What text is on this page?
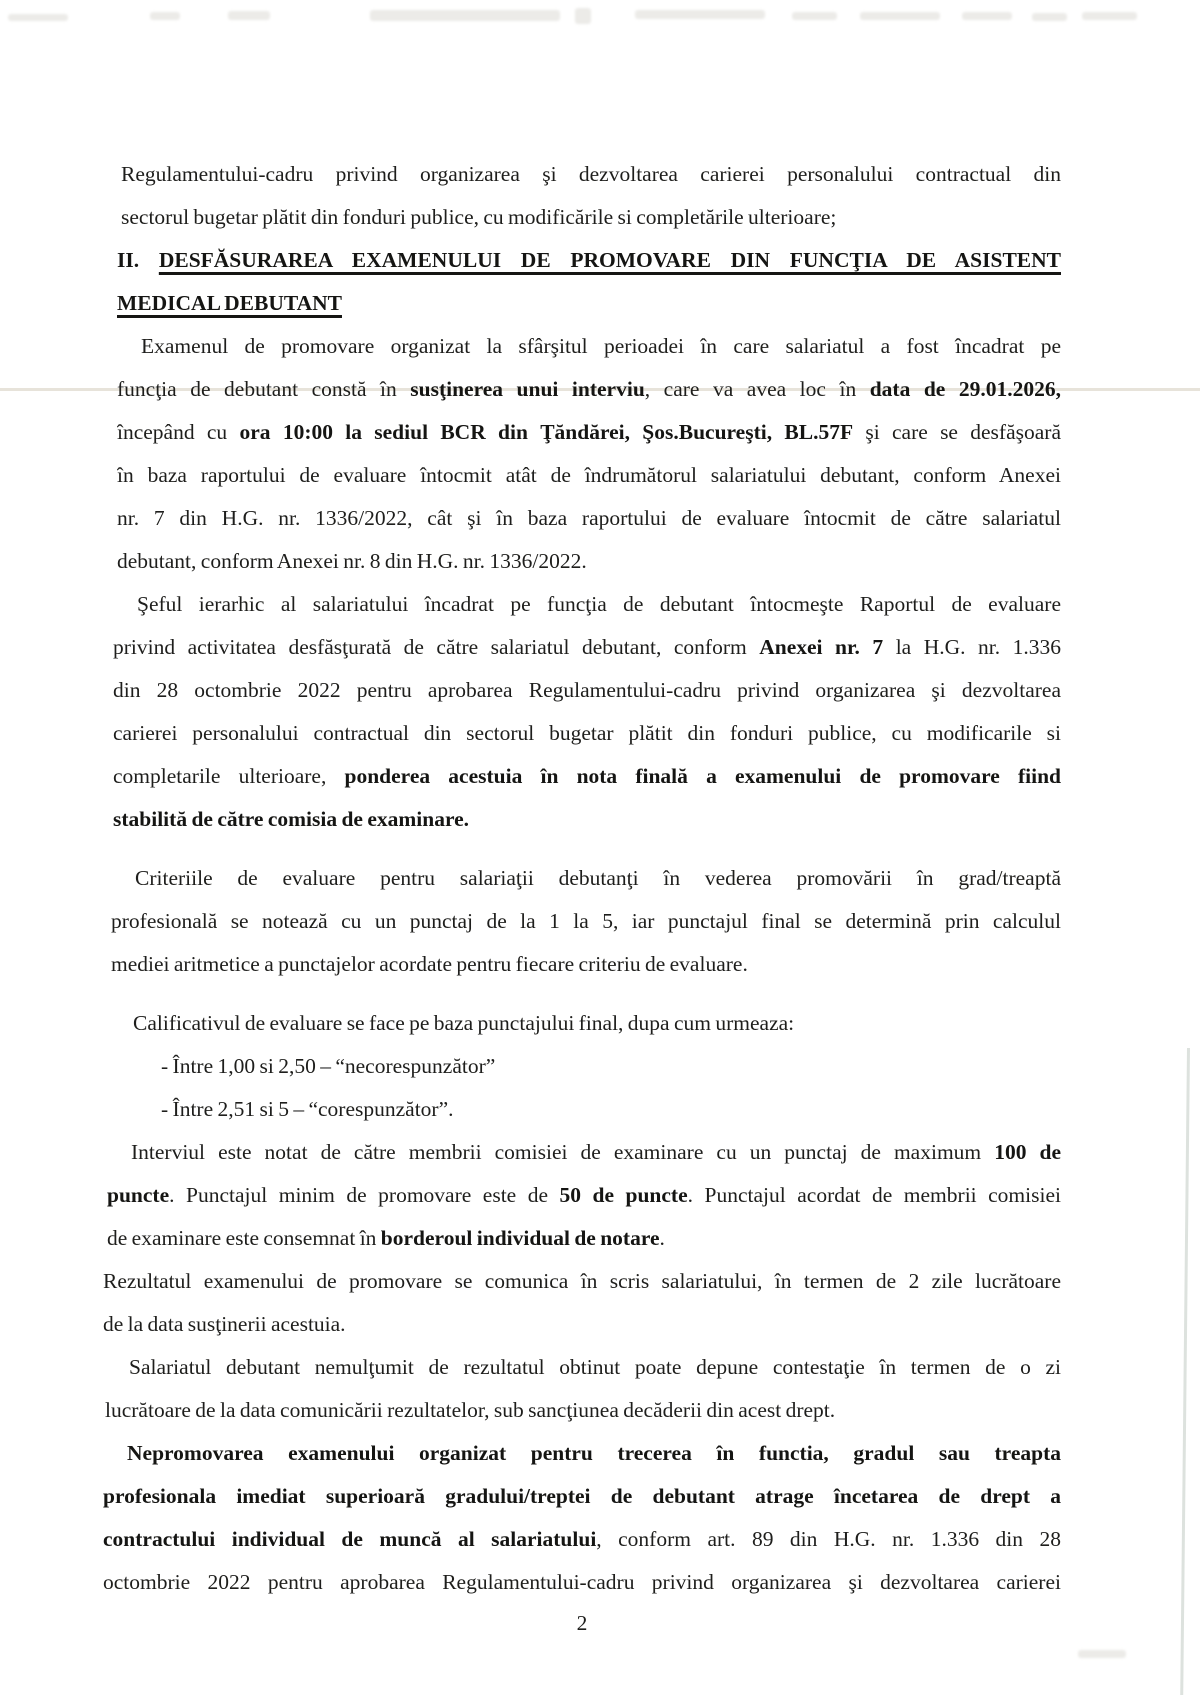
Regulamentului-cadru privind organizarea şi dezvoltarea carierei personalului contractual din
sectorul bugetar plătit din fonduri publice, cu modificările si completările ulterioare;
II. DESFĂSURAREA EXAMENULUI DE PROMOVARE DIN FUNCŢIA DE ASISTENT
MEDICAL DEBUTANT
Examenul de promovare organizat la sfârşitul perioadei în care salariatul a fost încadrat pe
funcţia de debutant constă în susţinerea unui interviu, care va avea loc în data de 29.01.2026,
începând cu ora 10:00 la sediul BCR din Ţăndărei, Şos.Bucureşti, BL.57F şi care se desfăşoară
în baza raportului de evaluare întocmit atât de îndrumătorul salariatului debutant, conform Anexei
nr. 7 din H.G. nr. 1336/2022, cât şi în baza raportului de evaluare întocmit de către salariatul
debutant, conform Anexei nr. 8 din H.G. nr. 1336/2022.
Şeful ierarhic al salariatului încadrat pe funcţia de debutant întocmeşte Raportul de evaluare
privind activitatea desfăsţurată de către salariatul debutant, conform Anexei nr. 7 la H.G. nr. 1.336
din 28 octombrie 2022 pentru aprobarea Regulamentului-cadru privind organizarea şi dezvoltarea
carierei personalului contractual din sectorul bugetar plătit din fonduri publice, cu modificarile si
completarile ulterioare, ponderea acestuia în nota finală a examenului de promovare fiind
stabilită de către comisia de examinare.
Criteriile de evaluare pentru salariaţii debutanţi în vederea promovării în grad/treaptă
profesională se notează cu un punctaj de la 1 la 5, iar punctajul final se determină prin calculul
mediei aritmetice a punctajelor acordate pentru fiecare criteriu de evaluare.
Calificativul de evaluare se face pe baza punctajului final, dupa cum urmeaza:
- Între 1,00 si 2,50 – “necorespunzător”
- Între 2,51 si 5 – “corespunzător”.
Interviul este notat de către membrii comisiei de examinare cu un punctaj de maximum 100 de
puncte. Punctajul minim de promovare este de 50 de puncte. Punctajul acordat de membrii comisiei
de examinare este consemnat în borderoul individual de notare.
Rezultatul examenului de promovare se comunica în scris salariatului, în termen de 2 zile lucrătoare
de la data susţinerii acestuia.
Salariatul debutant nemulţumit de rezultatul obtinut poate depune contestaţie în termen de o zi
lucrătoare de la data comunicării rezultatelor, sub sancţiunea decăderii din acest drept.
Nepromovarea examenului organizat pentru trecerea în functia, gradul sau treapta
profesionala imediat superioară gradului/treptei de debutant atrage încetarea de drept a
contractului individual de muncă al salariatului, conform art. 89 din H.G. nr. 1.336 din 28
octombrie 2022 pentru aprobarea Regulamentului-cadru privind organizarea şi dezvoltarea carierei
2
